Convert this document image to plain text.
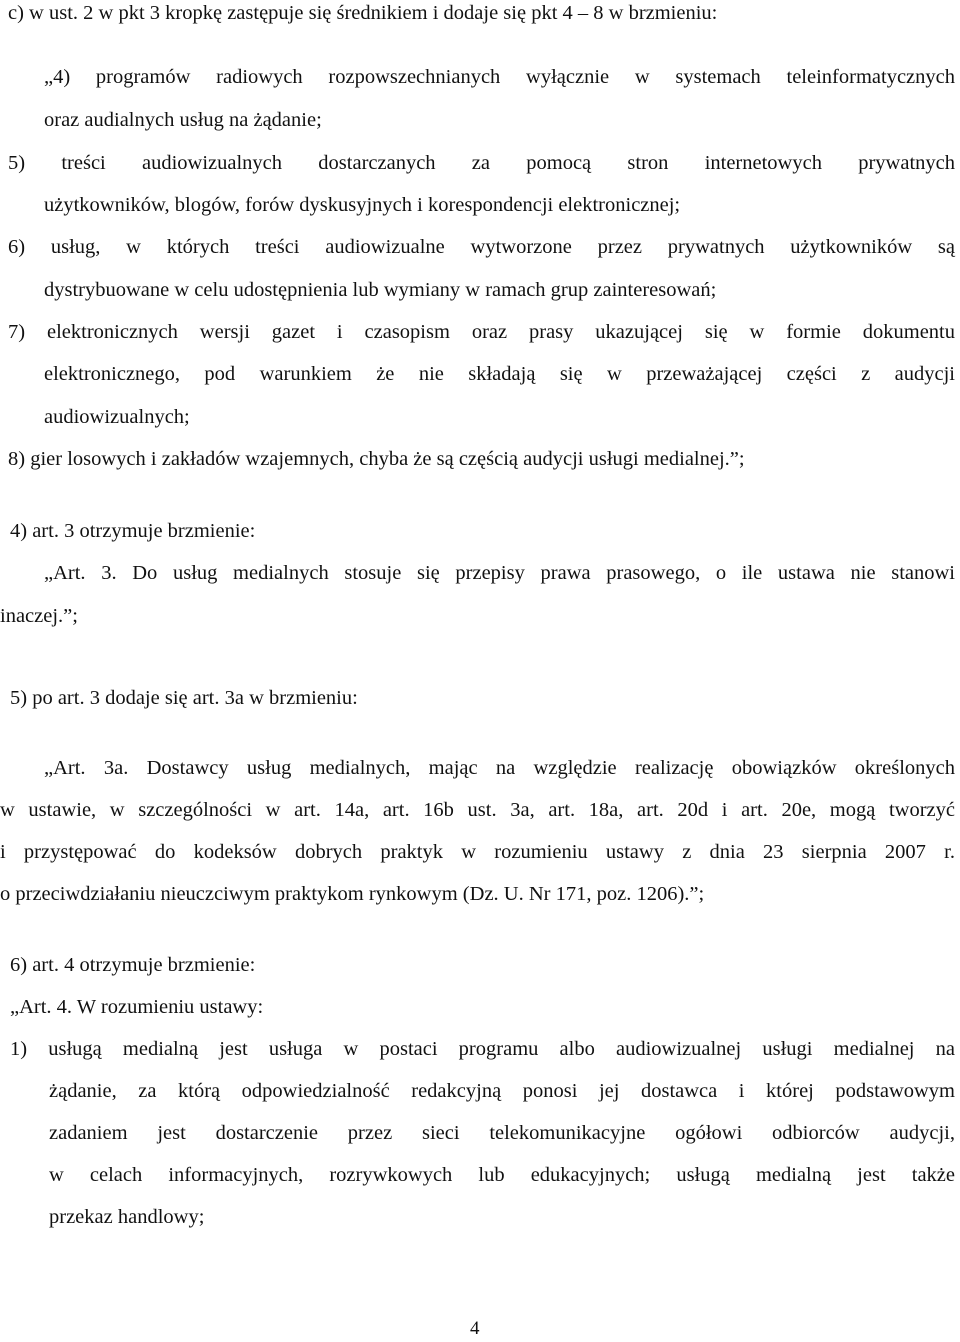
c) w ust. 2 w pkt 3 kropkę zastępuje się średnikiem i dodaje się pkt 4 – 8 w brzmieniu:
„4) programów radiowych rozpowszechnianych wyłącznie w systemach teleinformatycznych
oraz audialnych usług na żądanie;
5) treści audiowizualnych dostarczanych za pomocą stron internetowych prywatnych
użytkowników, blogów, forów dyskusyjnych i korespondencji elektronicznej;
6) usług, w których treści audiowizualne wytworzone przez prywatnych użytkowników są
dystrybuowane w celu udostępnienia lub wymiany w ramach grup zainteresowań;
7) elektronicznych wersji gazet i czasopism oraz prasy ukazującej się w formie dokumentu
elektronicznego, pod warunkiem że nie składają się w przeważającej części z audycji
audiowizualnych;
8) gier losowych i zakładów wzajemnych, chyba że są częścią audycji usługi medialnej.”;
4) art. 3 otrzymuje brzmienie:
„Art. 3. Do usług medialnych stosuje się przepisy prawa prasowego, o ile ustawa nie stanowi
inaczej.”;
5) po art. 3 dodaje się art. 3a w brzmieniu:
„Art. 3a. Dostawcy usług medialnych, mając na względzie realizację obowiązków określonych
w ustawie, w szczególności w art. 14a, art. 16b ust. 3a, art. 18a, art. 20d i art. 20e, mogą tworzyć
i przystępować do kodeksów dobrych praktyk w rozumieniu ustawy z dnia 23 sierpnia 2007 r.
o przeciwdziałaniu nieuczciwym praktykom rynkowym (Dz. U. Nr 171, poz. 1206).”;
6) art. 4 otrzymuje brzmienie:
„Art. 4. W rozumieniu ustawy:
1) usługą medialną jest usługa w postaci programu albo audiowizualnej usługi medialnej na
żądanie, za którą odpowiedzialność redakcyjną ponosi jej dostawca i której podstawowym
zadaniem jest dostarczenie przez sieci telekomunikacyjne ogółowi odbiorców audycji,
w celach informacyjnych, rozrywkowych lub edukacyjnych; usługą medialną jest także
przekaz handlowy;
4
